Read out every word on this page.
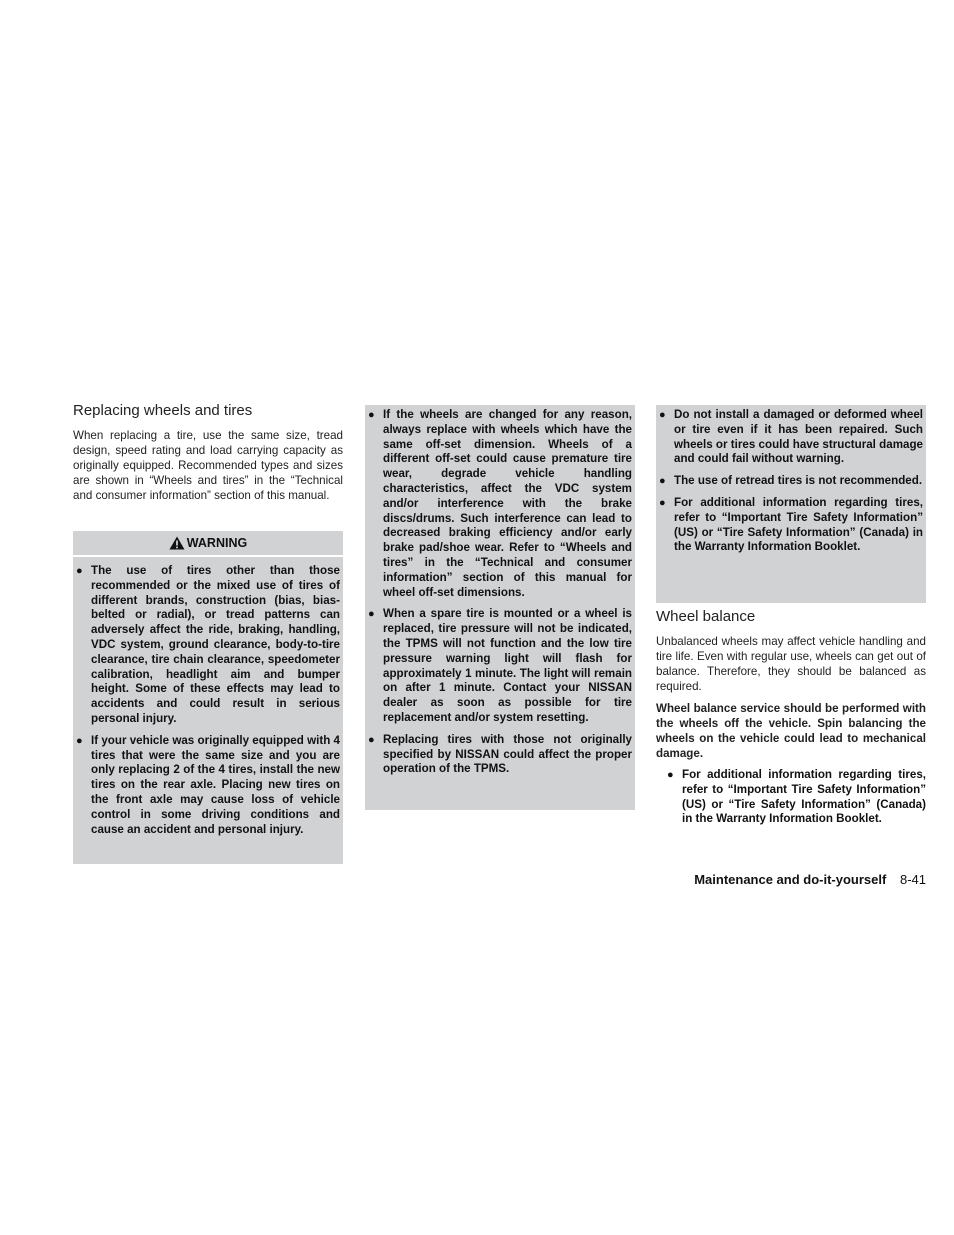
Replacing wheels and tires

When replacing a tire, use the same size, tread design, speed rating and load carrying capacity as originally equipped. Recommended types and sizes are shown in “Wheels and tires” in the “Technical and consumer information” section of this manual.

WARNING
● The use of tires other than those recommended or the mixed use of tires of different brands, construction (bias, bias-belted or radial), or tread patterns can adversely affect the ride, braking, handling, VDC system, ground clearance, body-to-tire clearance, tire chain clearance, speedometer calibration, headlight aim and bumper height. Some of these effects may lead to accidents and could result in serious personal injury.
● If your vehicle was originally equipped with 4 tires that were the same size and you are only replacing 2 of the 4 tires, install the new tires on the rear axle. Placing new tires on the front axle may cause loss of vehicle control in some driving conditions and cause an accident and personal injury.
● If the wheels are changed for any reason, always replace with wheels which have the same off-set dimension. Wheels of a different off-set could cause premature tire wear, degrade vehicle handling characteristics, affect the VDC system and/or interference with the brake discs/drums. Such interference can lead to decreased braking efficiency and/or early brake pad/shoe wear. Refer to “Wheels and tires” in the “Technical and consumer information” section of this manual for wheel off-set dimensions.
● When a spare tire is mounted or a wheel is replaced, tire pressure will not be indicated, the TPMS will not function and the low tire pressure warning light will flash for approximately 1 minute. The light will remain on after 1 minute. Contact your NISSAN dealer as soon as possible for tire replacement and/or system resetting.
● Replacing tires with those not originally specified by NISSAN could affect the proper operation of the TPMS.
● Do not install a damaged or deformed wheel or tire even if it has been repaired. Such wheels or tires could have structural damage and could fail without warning.
● The use of retread tires is not recommended.
● For additional information regarding tires, refer to “Important Tire Safety Information” (US) or “Tire Safety Information” (Canada) in the Warranty Information Booklet.
Wheel balance

Unbalanced wheels may affect vehicle handling and tire life. Even with regular use, wheels can get out of balance. Therefore, they should be balanced as required.

Wheel balance service should be performed with the wheels off the vehicle. Spin balancing the wheels on the vehicle could lead to mechanical damage.

● For additional information regarding tires, refer to “Important Tire Safety Information” (US) or “Tire Safety Information” (Canada) in the Warranty Information Booklet.
Maintenance and do-it-yourself 8-41
